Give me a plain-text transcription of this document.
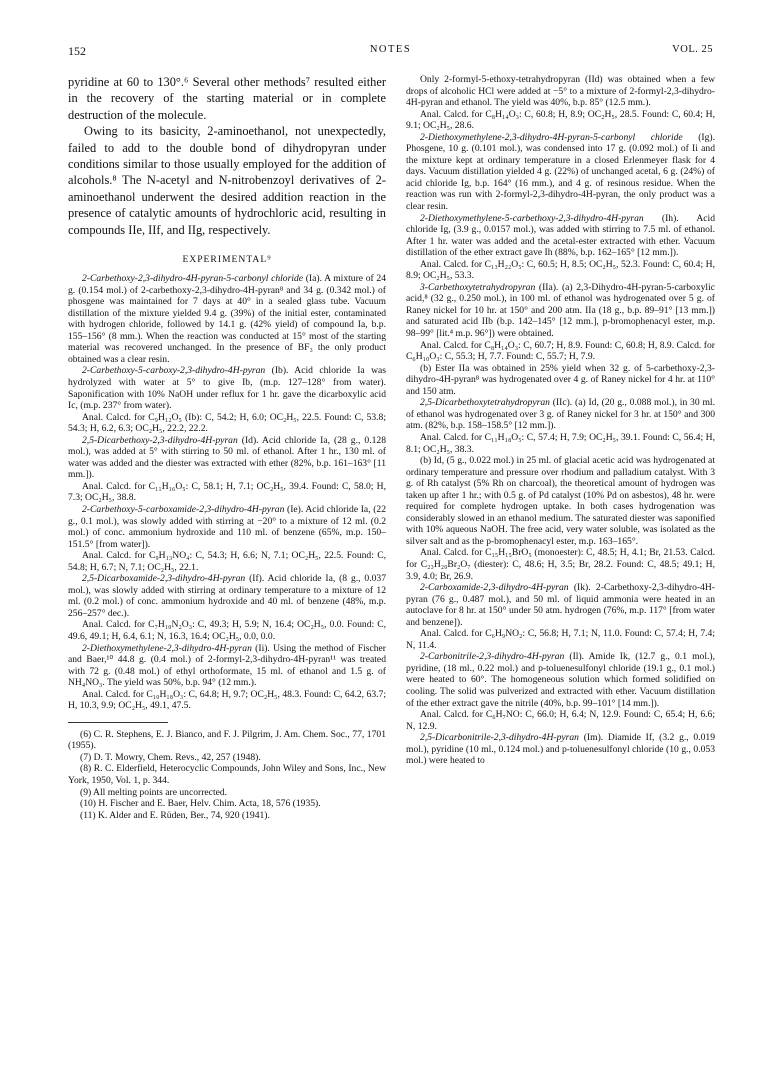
152	NOTES	VOL. 25

pyridine at 60 to 130°.⁶ Several other methods⁷ resulted either in the recovery of the starting material or in complete destruction of the molecule.

Owing to its basicity, 2-aminoethanol, not unexpectedly, failed to add to the double bond of dihydropyran under conditions similar to those usually employed for the addition of alcohols.⁸ The N-acetyl and N-nitrobenzoyl derivatives of 2-aminoethanol underwent the desired addition reaction in the presence of catalytic amounts of hydrochloric acid, resulting in compounds IIe, IIf, and IIg, respectively.

EXPERIMENTAL⁹

2-Carbethoxy-2,3-dihydro-4H-pyran-5-carbonyl chloride (Ia). A mixture of 24 g. (0.154 mol.) of 2-carbethoxy-2,3-dihydro-4H-pyran⁸ and 34 g. (0.342 mol.) of phosgene was maintained for 7 days at 40° in a sealed glass tube. Vacuum distillation of the mixture yielded 9.4 g. (39%) of the initial ester, contaminated with hydrogen chloride, followed by 14.1 g. (42% yield) of compound Ia, b.p. 155–156° (8 mm.). When the reaction was conducted at 15° most of the starting material was recovered unchanged. In the presence of BF₃ the only product obtained was a clear resin.

2-Carbethoxy-5-carboxy-2,3-dihydro-4H-pyran (Ib). Acid chloride Ia was hydrolyzed with water at 5° to give Ib, (m.p. 127–128° from water). Saponification with 10% NaOH under reflux for 1 hr. gave the dicarboxylic acid Ic, (m.p. 237° from water).

Anal. Calcd. for C₉H₁₂O₅ (Ib): C, 54.2; H, 6.0; OC₂H₅, 22.5. Found: C, 53.8; 54.3; H, 6.2, 6.3; OC₂H₅, 22.2, 22.2.

2,5-Dicarbethoxy-2,3-dihydro-4H-pyran (Id). Acid chloride Ia, (28 g., 0.128 mol.), was added at 5° with stirring to 50 ml. of ethanol. After 1 hr., 130 ml. of water was added and the diester was extracted with ether (82%, b.p. 161–163° [11 mm.]).

Anal. Calcd. for C₁₁H₁₆O₅: C, 58.1; H, 7.1; OC₂H₅, 39.4. Found: C, 58.0; H, 7.3; OC₂H₅, 38.8.

2-Carbethoxy-5-carboxamide-2,3-dihydro-4H-pyran (Ie). Acid chloride Ia, (22 g., 0.1 mol.), was slowly added with stirring at −20° to a mixture of 12 ml. (0.2 mol.) of conc. ammonium hydroxide and 110 ml. of benzene (65%, m.p. 150–151.5° [from water]).

Anal. Calcd. for C₉H₁₃NO₄: C, 54.3; H, 6.6; N, 7.1; OC₂H₅, 22.5. Found: C, 54.8; H, 6.7; N, 7.1; OC₂H₅, 22.1.

2,5-Dicarboxamide-2,3-dihydro-4H-pyran (If). Acid chloride Ia, (8 g., 0.037 mol.), was slowly added with stirring at ordinary temperature to a mixture of 12 ml. (0.2 mol.) of conc. ammonium hydroxide and 40 ml. of benzene (48%, m.p. 256–257° dec.).

Anal. Calcd. for C₇H₁₀N₂O₃: C, 49.3; H, 5.9; N, 16.4; OC₂H₅, 0.0. Found: C, 49.6, 49.1; H, 6.4, 6.1; N, 16.3, 16.4; OC₂H₅, 0.0, 0.0.

2-Diethoxymethylene-2,3-dihydro-4H-pyran (Ii). Using the method of Fischer and Baer,¹⁰ 44.8 g. (0.4 mol.) of 2-formyl-2,3-dihydro-4H-pyran¹¹ was treated with 72 g. (0.48 mol.) of ethyl orthoformate, 15 ml. of ethanol and 1.5 g. of NH₄NO₃. The yield was 50%, b.p. 94° (12 mm.).

Anal. Calcd. for C₁₀H₁₈O₃: C, 64.8; H, 9.7; OC₂H₅, 48.3. Found: C, 64.2, 63.7; H, 10.3, 9.9; OC₂H₅, 49.1, 47.5.

(6) C. R. Stephens, E. J. Bianco, and F. J. Pilgrim, J. Am. Chem. Soc., 77, 1701 (1955).

(7) D. T. Mowry, Chem. Revs., 42, 257 (1948).

(8) R. C. Elderfield, Heterocyclic Compounds, John Wiley and Sons, Inc., New York, 1950, Vol. 1, p. 344.

(9) All melting points are uncorrected.

(10) H. Fischer and E. Baer, Helv. Chim. Acta, 18, 576 (1935).

(11) K. Alder and E. Rüden, Ber., 74, 920 (1941).

Only 2-formyl-5-ethoxy-tetrahydropyran (IId) was obtained when a few drops of alcoholic HCl were added at −5° to a mixture of 2-formyl-2,3-dihydro-4H-pyran and ethanol. The yield was 40%, b.p. 85° (12.5 mm.).

Anal. Calcd. for C₈H₁₄O₃: C, 60.8; H, 8.9; OC₂H₅, 28.5. Found: C, 60.4; H, 9.1; OC₂H₅, 28.6.

2-Diethoxymethylene-2,3-dihydro-4H-pyran-5-carbonyl chloride (Ig). Phosgene, 10 g. (0.101 mol.), was condensed into 17 g. (0.092 mol.) of Ii and the mixture kept at ordinary temperature in a closed Erlenmeyer flask for 4 days. Vacuum distillation yielded 4 g. (22%) of unchanged acetal, 6 g. (24%) of acid chloride Ig, b.p. 164° (16 mm.), and 4 g. of resinous residue. When the reaction was run with 2-formyl-2,3-dihydro-4H-pyran, the only product was a clear resin.

2-Diethoxymethylene-5-carbethoxy-2,3-dihydro-4H-pyran (Ih). Acid chloride Ig, (3.9 g., 0.0157 mol.), was added with stirring to 7.5 ml. of ethanol. After 1 hr. water was added and the acetal-ester extracted with ether. Vacuum distillation of the ether extract gave Ih (88%, b.p. 162–165° [12 mm.]).

Anal. Calcd. for C₁₃H₂₂O₅: C, 60.5; H, 8.5; OC₂H₅, 52.3. Found: C, 60.4; H, 8.9; OC₂H₅, 53.3.

3-Carbethoxytetrahydropyran (IIa). (a) 2,3-Dihydro-4H-pyran-5-carboxylic acid,⁸ (32 g., 0.250 mol.), in 100 ml. of ethanol was hydrogenated over 5 g. of Raney nickel for 10 hr. at 150° and 200 atm. IIa (18 g., b.p. 89–91° [13 mm.]) and saturated acid IIb (b.p. 142–145° [12 mm.], p-bromophenacyl ester, m.p. 98–99° [lit.⁴ m.p. 96°]) were obtained.

Anal. Calcd. for C₈H₁₄O₃: C, 60.7; H, 8.9. Found: C, 60.8; H, 8.9. Calcd. for C₆H₁₀O₃: C, 55.3; H, 7.7. Found: C, 55.7; H, 7.9.

(b) Ester IIa was obtained in 25% yield when 32 g. of 5-carbethoxy-2,3-dihydro-4H-pyran⁸ was hydrogenated over 4 g. of Raney nickel for 4 hr. at 110° and 150 atm.

2,5-Dicarbethoxytetrahydropyran (IIc). (a) Id, (20 g., 0.088 mol.), in 30 ml. of ethanol was hydrogenated over 3 g. of Raney nickel for 3 hr. at 150° and 300 atm. (82%, b.p. 158–158.5° [12 mm.]).

Anal. Calcd. for C₁₁H₁₈O₅: C, 57.4; H, 7.9; OC₂H₅, 39.1. Found: C, 56.4; H, 8.1; OC₂H₅, 38.3.

(b) Id, (5 g., 0.022 mol.) in 25 ml. of glacial acetic acid was hydrogenated at ordinary temperature and pressure over rhodium and palladium catalyst. With 3 g. of Rh catalyst (5% Rh on charcoal), the theoretical amount of hydrogen was taken up after 1 hr.; with 0.5 g. of Pd catalyst (10% Pd on asbestos), 48 hr. were required for complete hydrogen uptake. In both cases hydrogenation was considerably slowed in an ethanol medium. The saturated diester was saponified with 10% aqueous NaOH. The free acid, very water soluble, was isolated as the silver salt and as the p-bromophenacyl ester, m.p. 163–165°.

Anal. Calcd. for C₁₅H₁₅BrO₅ (monoester): C, 48.5; H, 4.1; Br, 21.53. Calcd. for C₂₃H₂₀Br₂O₇ (diester): C, 48.6; H, 3.5; Br, 28.2. Found: C, 48.5; 49.1; H, 3.9, 4.0; Br, 26.9.

2-Carboxamide-2,3-dihydro-4H-pyran (Ik). 2-Carbethoxy-2,3-dihydro-4H-pyran (76 g., 0.487 mol.), and 50 ml. of liquid ammonia were heated in an autoclave for 8 hr. at 150° under 50 atm. hydrogen (76%, m.p. 117° [from water and benzene]).

Anal. Calcd. for C₆H₉NO₂: C, 56.8; H, 7.1; N, 11.0. Found: C, 57.4; H, 7.4; N, 11.4.

2-Carbonitrile-2,3-dihydro-4H-pyran (Il). Amide Ik, (12.7 g., 0.1 mol.), pyridine, (18 ml., 0.22 mol.) and p-toluenesulfonyl chloride (19.1 g., 0.1 mol.) were heated to 60°. The homogeneous solution which formed solidified on cooling. The solid was pulverized and extracted with ether. Vacuum distillation of the ether extract gave the nitrile (40%, b.p. 99–101° [14 mm.]).

Anal. Calcd. for C₆H₇NO: C, 66.0; H, 6.4; N, 12.9. Found: C, 65.4; H, 6.6; N, 12.9.

2,5-Dicarbonitrile-2,3-dihydro-4H-pyran (Im). Diamide If, (3.2 g., 0.019 mol.), pyridine (10 ml., 0.124 mol.) and p-toluenesulfonyl chloride (10 g., 0.053 mol.) were heated to
